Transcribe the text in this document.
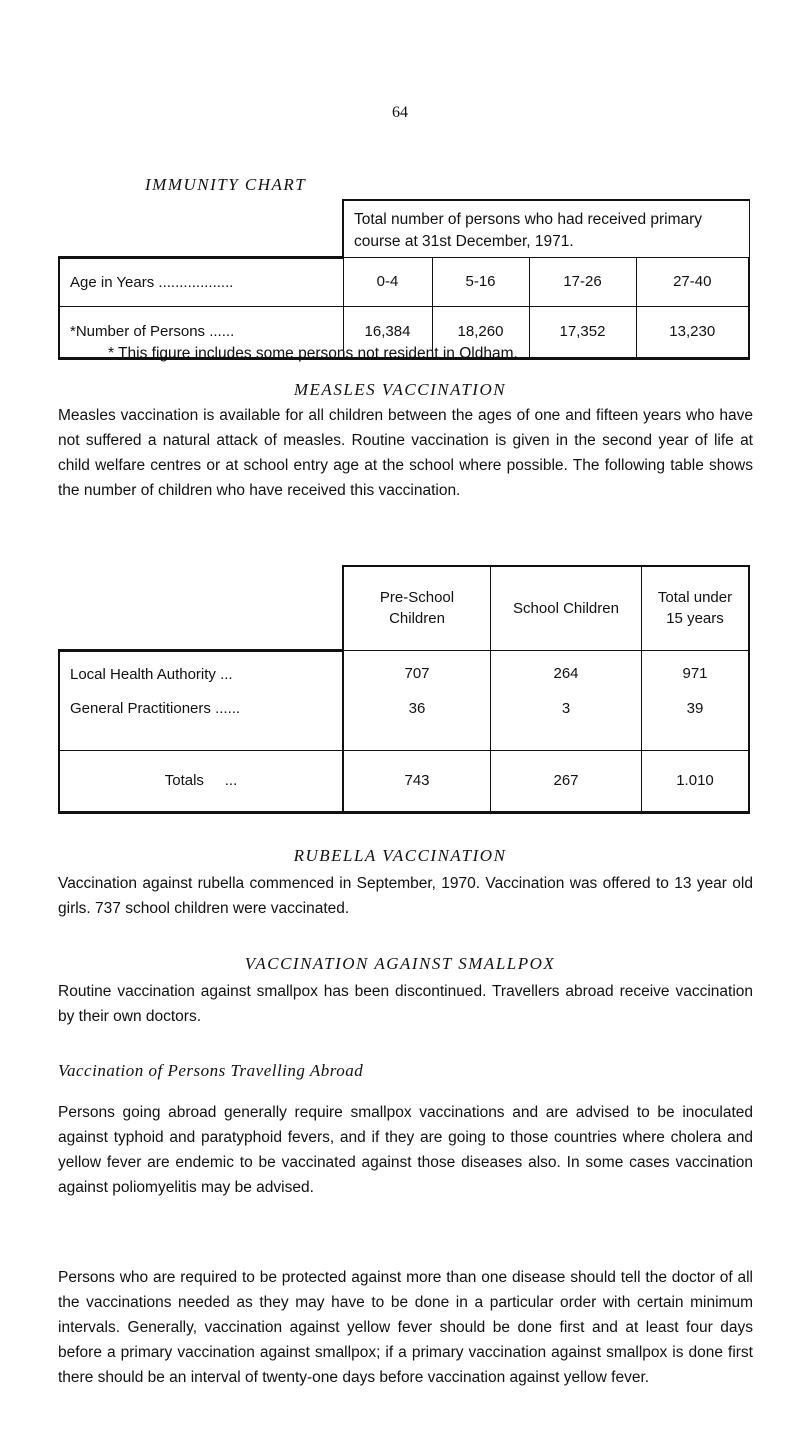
64
IMMUNITY CHART
	Total number of persons who had received primary course at 31st December, 1971.			
Age in Years ..................	0-4	5-16	17-26	27-40
*Number of Persons ......	16,384	18,260	17,352	13,230
* This figure includes some persons not resident in Oldham.
MEASLES VACCINATION
Measles vaccination is available for all children between the ages of one and fifteen years who have not suffered a natural attack of measles. Routine vaccination is given in the second year of life at child welfare centres or at school entry age at the school where possible. The following table shows the number of children who have received this vaccination.
	Pre-School Children	School Children	Total under 15 years
Local Health Authority ...	707	264	971
General Practitioners ......	36	3	39
Totals     ...	743	267	1.010
RUBELLA VACCINATION
Vaccination against rubella commenced in September, 1970. Vaccination was offered to 13 year old girls. 737 school children were vaccinated.
VACCINATION AGAINST SMALLPOX
Routine vaccination against smallpox has been discontinued. Travellers abroad receive vaccination by their own doctors.
Vaccination of Persons Travelling Abroad
Persons going abroad generally require smallpox vaccinations and are advised to be inoculated against typhoid and paratyphoid fevers, and if they are going to those countries where cholera and yellow fever are endemic to be vaccinated against those diseases also. In some cases vaccination against poliomyelitis may be advised.
Persons who are required to be protected against more than one disease should tell the doctor of all the vaccinations needed as they may have to be done in a particular order with certain minimum intervals. Generally, vaccination against yellow fever should be done first and at least four days before a primary vaccination against smallpox; if a primary vaccination against smallpox is done first there should be an interval of twenty-one days before vaccination against yellow fever.
